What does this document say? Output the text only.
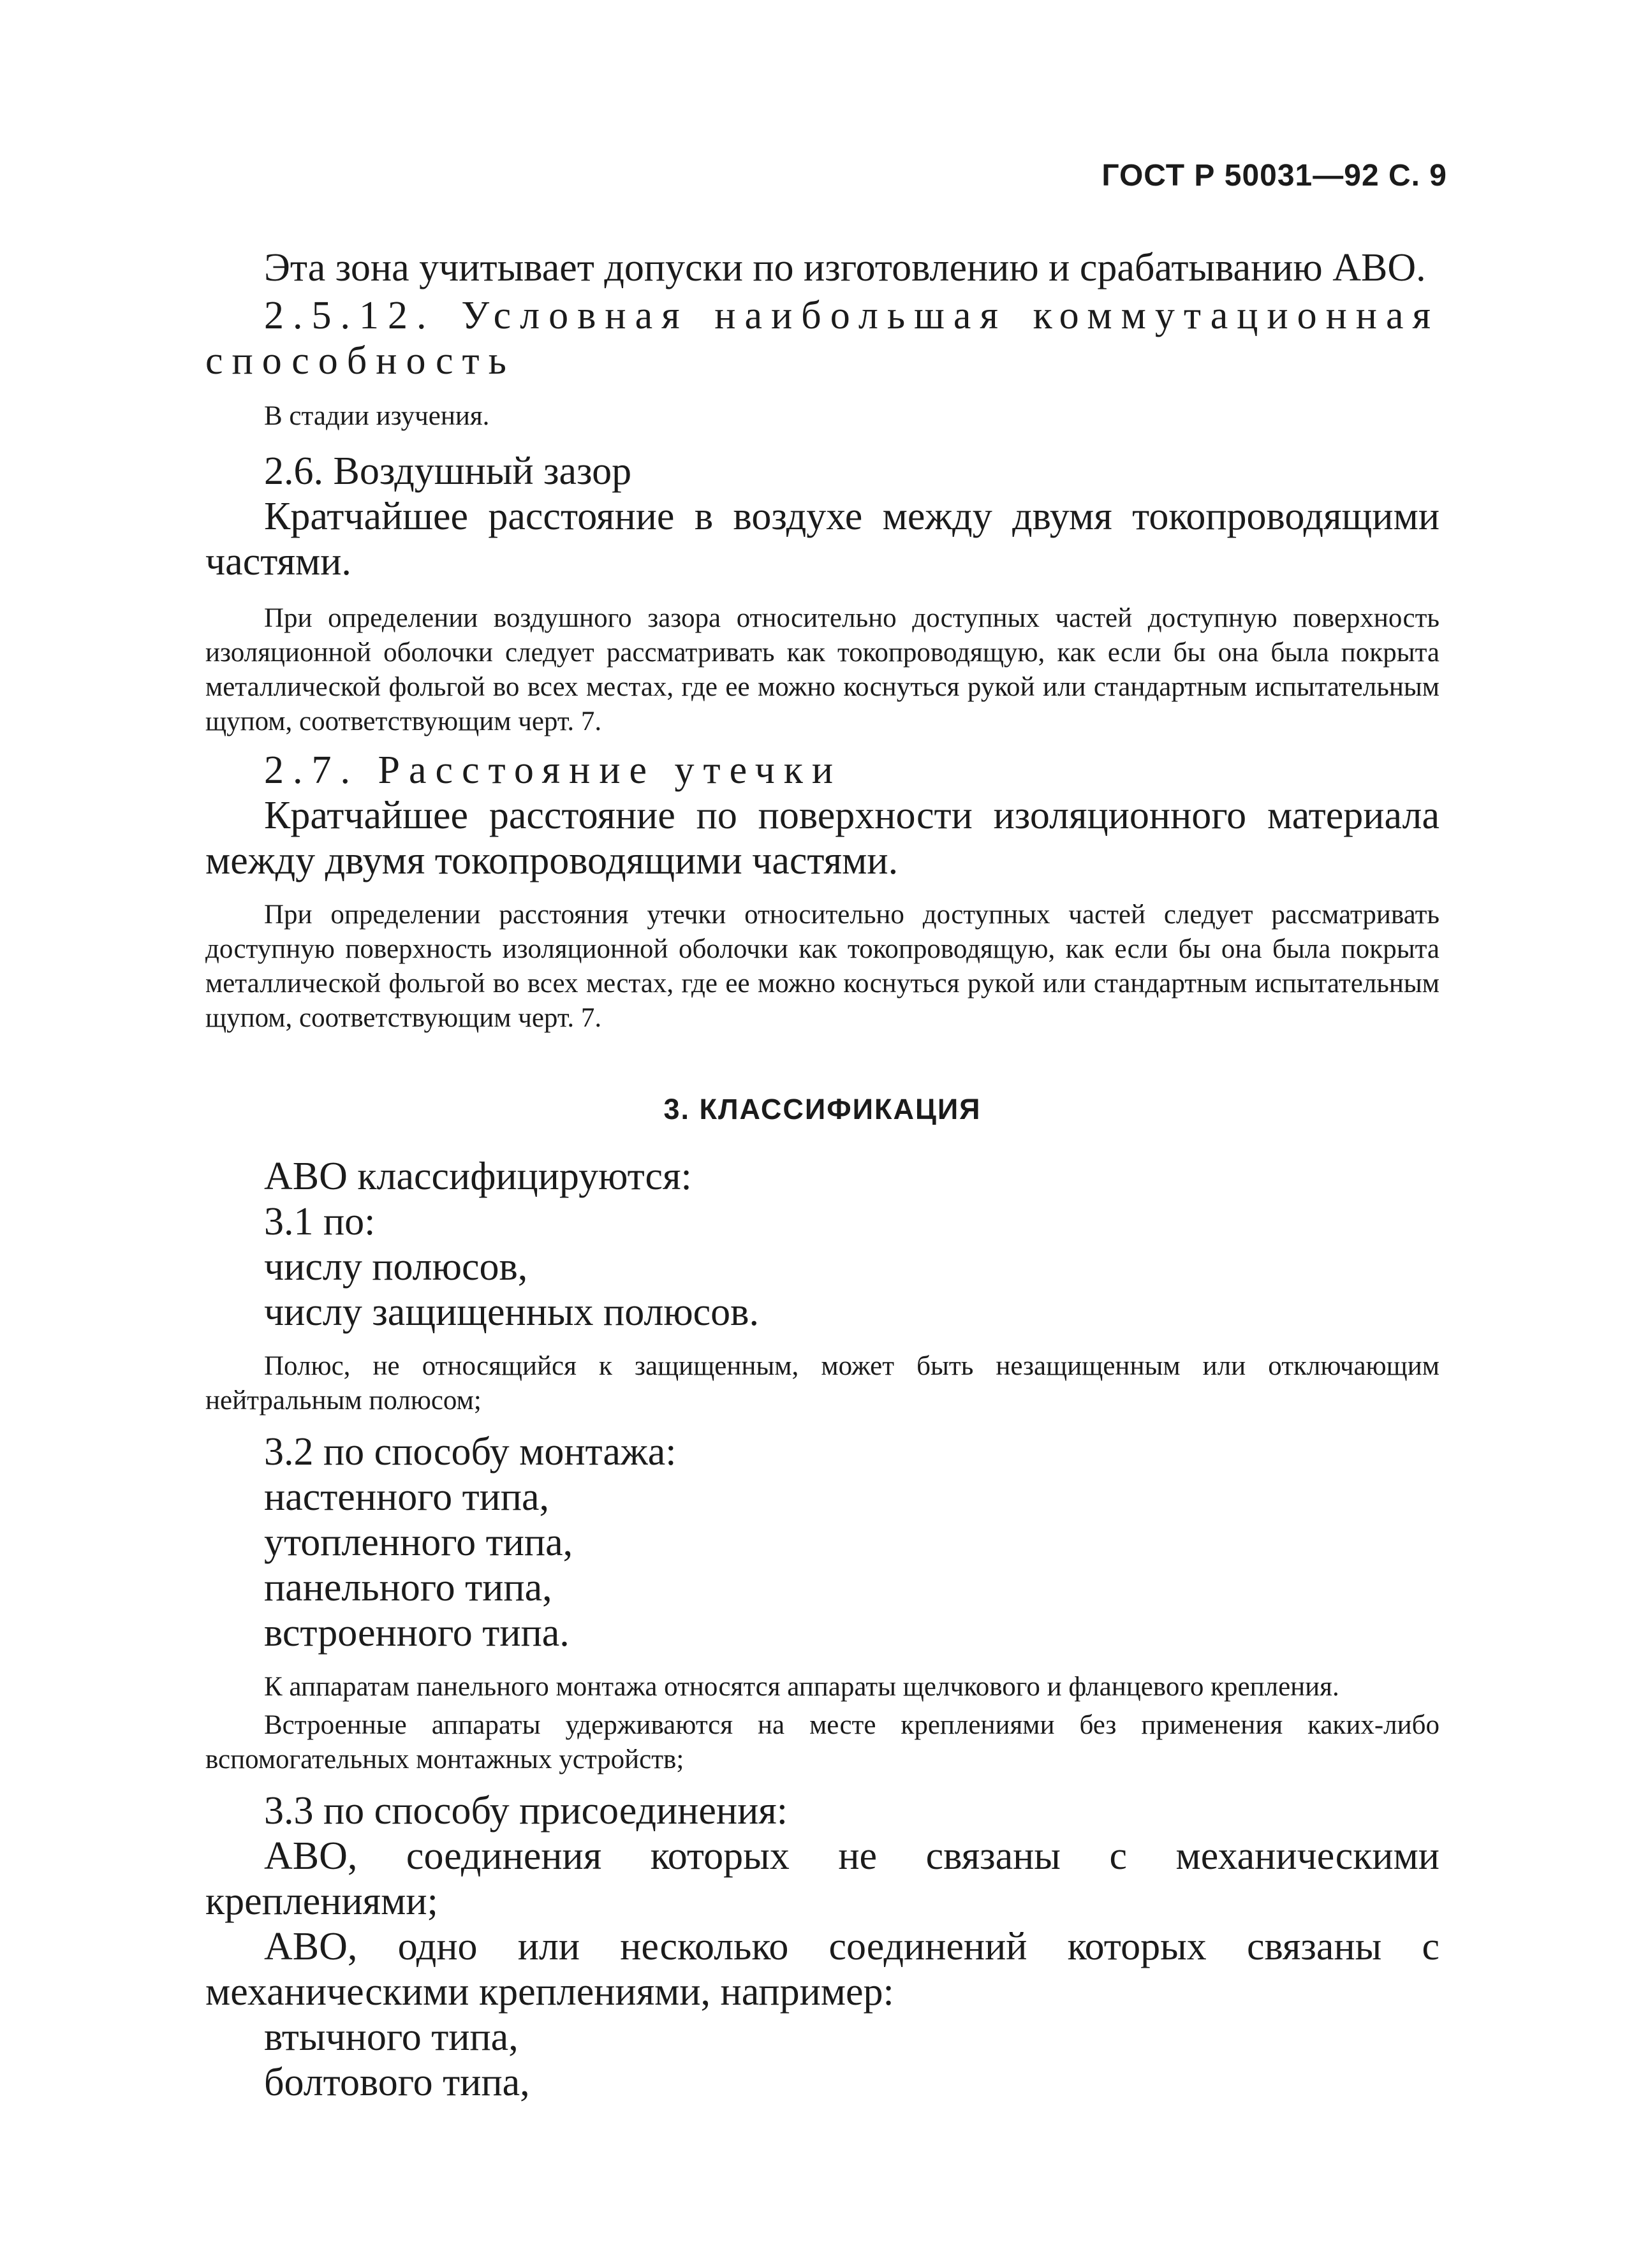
ГОСТ Р 50031—92 С. 9

Эта зона учитывает допуски по изготовлению и срабатыванию АВО.

2.5.12. Условная наибольшая коммутационная способность

В стадии изучения.

2.6. Воздушный зазор

Кратчайшее расстояние в воздухе между двумя токопроводящими частями.

При определении воздушного зазора относительно доступных частей доступную поверхность изоляционной оболочки следует рассматривать как токопроводящую, как если бы она была покрыта металлической фольгой во всех местах, где ее можно коснуться рукой или стандартным испытательным щупом, соответствующим черт. 7.

2.7. Расстояние утечки

Кратчайшее расстояние по поверхности изоляционного материала между двумя токопроводящими частями.

При определении расстояния утечки относительно доступных частей следует рассматривать доступную поверхность изоляционной оболочки как токопроводящую, как если бы она была покрыта металлической фольгой во всех местах, где ее можно коснуться рукой или стандартным испытательным щупом, соответствующим черт. 7.

3. КЛАССИФИКАЦИЯ

АВО классифицируются:

3.1 по:

числу полюсов,

числу защищенных полюсов.

Полюс, не относящийся к защищенным, может быть незащищенным или отключающим нейтральным полюсом;

3.2 по способу монтажа:

настенного типа,

утопленного типа,

панельного типа,

встроенного типа.

К аппаратам панельного монтажа относятся аппараты щелчкового и фланцевого крепления.

Встроенные аппараты удерживаются на месте креплениями без применения каких-либо вспомогательных монтажных устройств;

3.3 по способу присоединения:

АВО, соединения которых не связаны с механическими креплениями;

АВО, одно или несколько соединений которых связаны с механическими креплениями, например:

втычного типа,

болтового типа,
